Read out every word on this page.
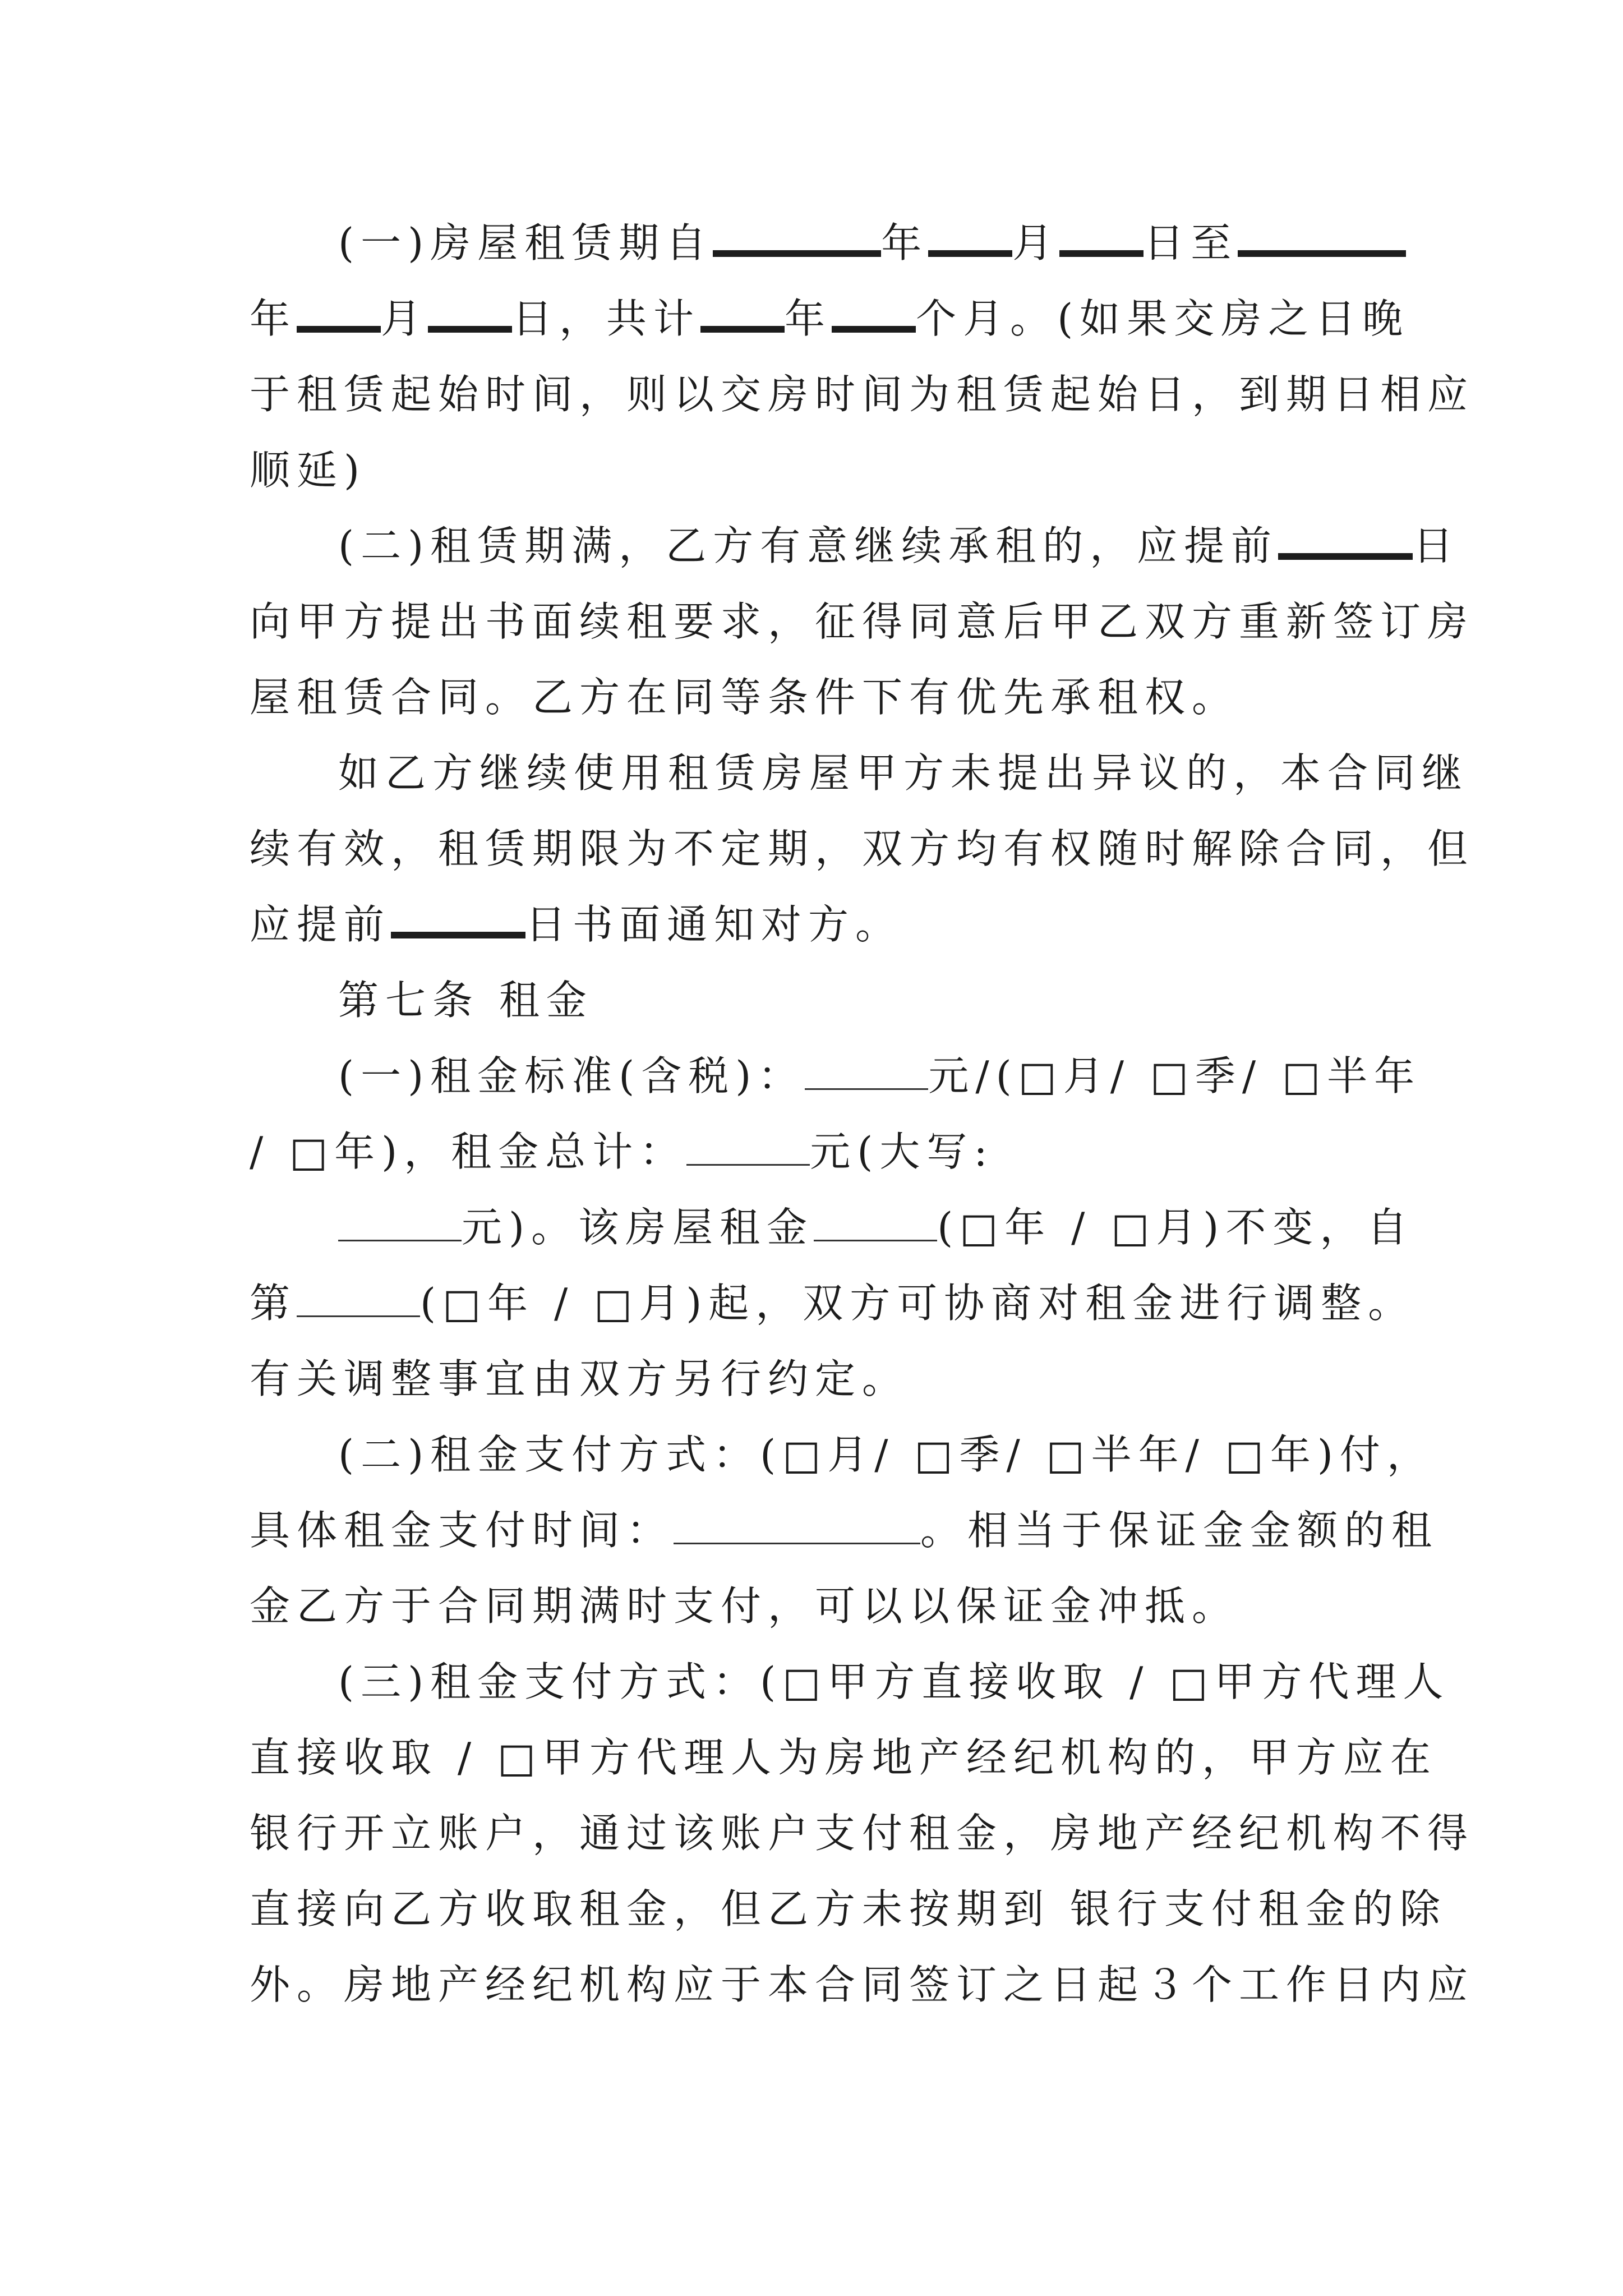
(一)房屋租赁期自	年 月 日至
年 月 日，共计 年 个月。(如果交房之日晚
于租赁起始时间，则以交房时间为租赁起始日，到期日相应
顺延)
(二)租赁期满，乙方有意继续承租的，应提前	日
向甲方提出书面续租要求，征得同意后甲乙双方重新签订房
屋租赁合同。乙方在同等条件下有优先承租权。
如乙方继续使用租赁房屋甲方未提出异议的，本合同继
续有效，租赁期限为不定期，双方均有权随时解除合同，但
应提前	日书面通知对方。
第七条 租金
(一)租金标准(含税)：	元/(□月/ □季/ □半年
/ □年)，租金总计：	元(大写:
元)。该房屋租金	(□年 / □月)不变，自
第	(□年 / □月)起，双方可协商对租金进行调整。
有关调整事宜由双方另行约定。
(二)租金支付方式：(□月/ □季/ □半年/ □年)付，
具体租金支付时间：	。相当于保证金金额的租
金乙方于合同期满时支付，可以以保证金冲抵。
(三)租金支付方式：(□甲方直接收取 / □甲方代理人
直接收取 / □甲方代理人为房地产经纪机构的，甲方应在
银行开立账户，通过该账户支付租金，房地产经纪机构不得
直接向乙方收取租金，但乙方未按期到 银行支付租金的除
外。房地产经纪机构应于本合同签订之日起３个工作日内应
